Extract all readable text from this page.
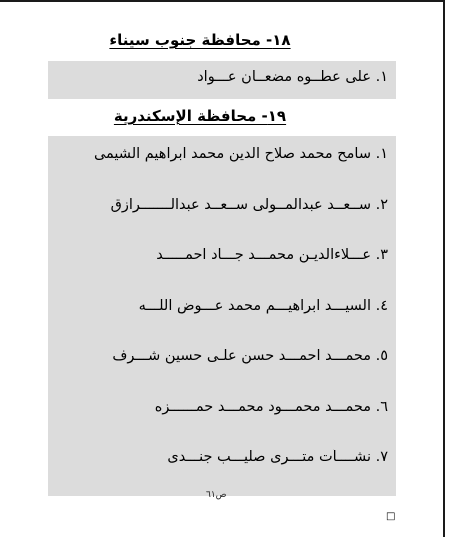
١٨- محافظة جنوب سيناء
١. على عطــوه مضعــان عـــواد
١٩- محافظة الإسكندرية
١. سامح محمد صلاح الدين محمد ابراهيم الشيمى
٢. ســعــد عبدالمــولى ســعــد عبدالـــــــرازق
٣. عـــلاءالديـن محمـــد جـــاد احمـــــد
٤. السيـــد ابراهيـــم محمد عـــوض اللـــه
٥. محمـــد احمـــد حسن علـى حسين شـــرف
٦. محمـــد محمـــود محمـــد حمــــــزه
٧. نشــــأت متـــرى صليـــب جنـــدى
ص٦١
□
